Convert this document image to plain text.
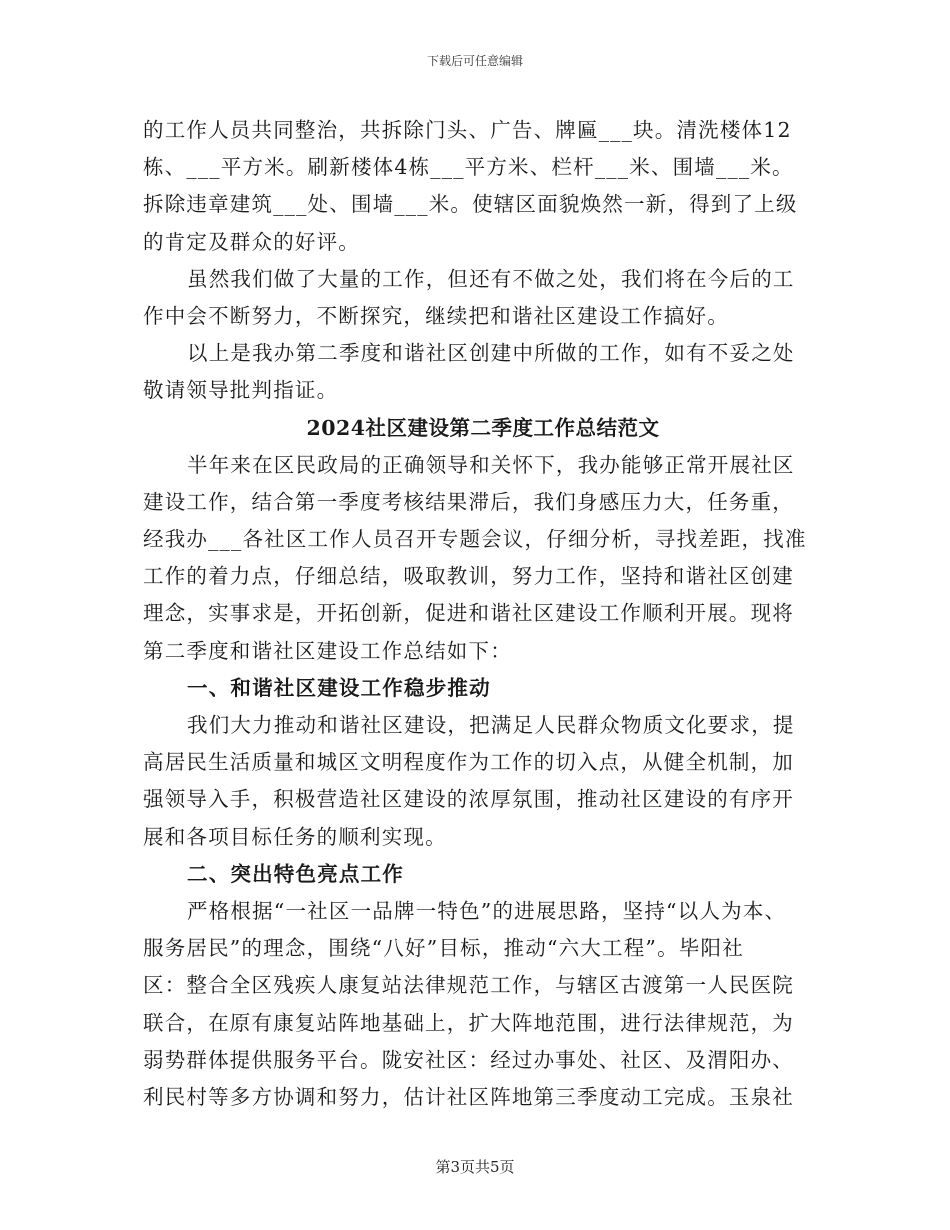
下载后可任意编辑
的工作人员共同整治，共拆除门头、广告、牌匾___块。清洗楼体12
栋、___平方米。刷新楼体4栋___平方米、栏杆___米、围墙___米。
拆除违章建筑___处、围墙___米。使辖区面貌焕然一新，得到了上级
的肯定及群众的好评。
虽然我们做了大量的工作，但还有不做之处，我们将在今后的工
作中会不断努力，不断探究，继续把和谐社区建设工作搞好。
以上是我办第二季度和谐社区创建中所做的工作，如有不妥之处
敬请领导批判指证。
2024社区建设第二季度工作总结范文
半年来在区民政局的正确领导和关怀下，我办能够正常开展社区
建设工作，结合第一季度考核结果滞后，我们身感压力大，任务重，
经我办___各社区工作人员召开专题会议，仔细分析，寻找差距，找准
工作的着力点，仔细总结，吸取教训，努力工作，坚持和谐社区创建
理念，实事求是，开拓创新，促进和谐社区建设工作顺利开展。现将
第二季度和谐社区建设工作总结如下：
一、和谐社区建设工作稳步推动
我们大力推动和谐社区建设，把满足人民群众物质文化要求，提
高居民生活质量和城区文明程度作为工作的切入点，从健全机制，加
强领导入手，积极营造社区建设的浓厚氛围，推动社区建设的有序开
展和各项目标任务的顺利实现。
二、突出特色亮点工作
严格根据“一社区一品牌一特色”的进展思路，坚持“以人为本、
服务居民”的理念，围绕“八好”目标，推动“六大工程”。毕阳社
区：整合全区残疾人康复站法律规范工作，与辖区古渡第一人民医院
联合，在原有康复站阵地基础上，扩大阵地范围，进行法律规范，为
弱势群体提供服务平台。陇安社区：经过办事处、社区、及渭阳办、
利民村等多方协调和努力，估计社区阵地第三季度动工完成。玉泉社
第3页共5页
